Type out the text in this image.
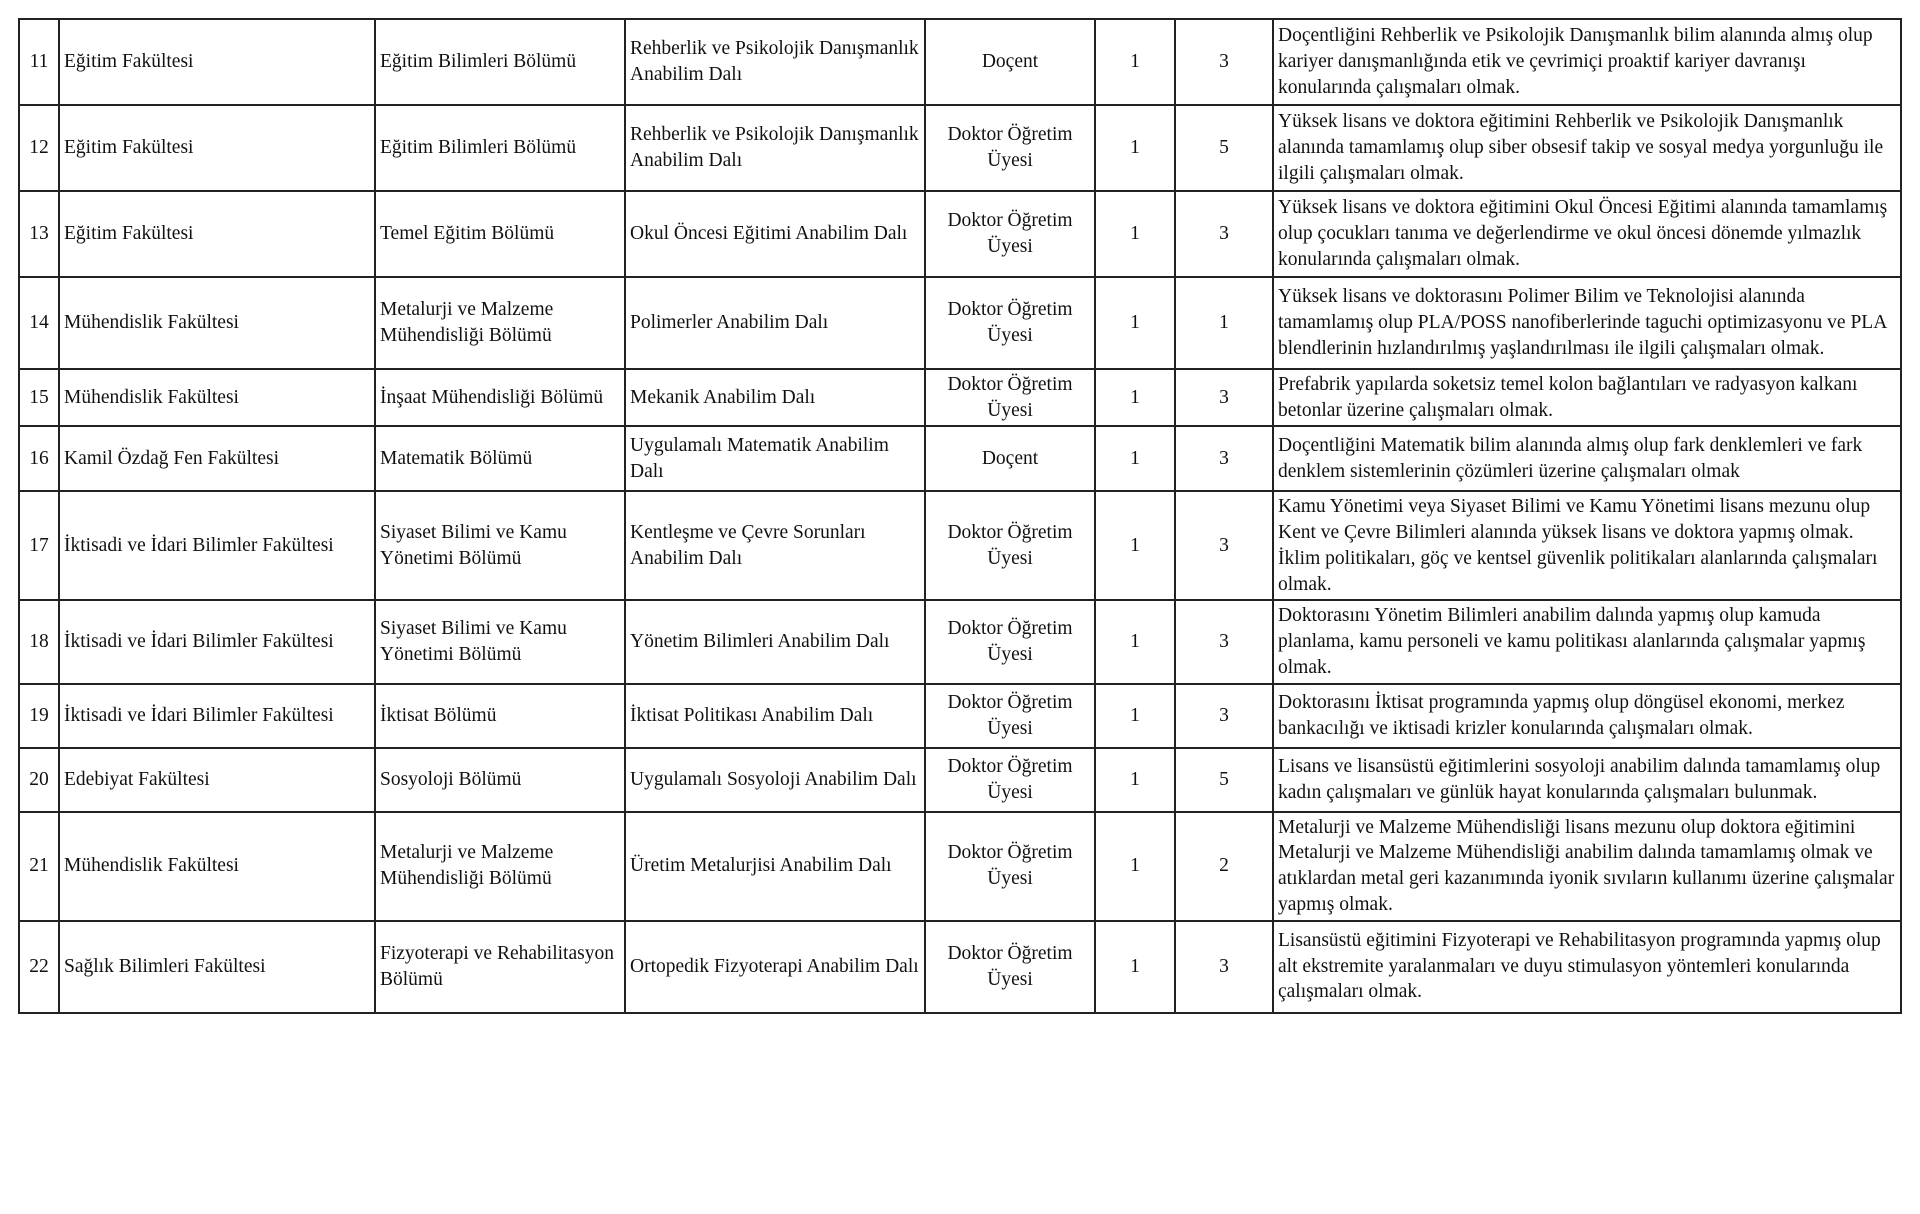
11	Eğitim Fakültesi	Eğitim Bilimleri Bölümü	Rehberlik ve Psikolojik Danışmanlık Anabilim Dalı	Doçent	1	3	Doçentliğini Rehberlik ve Psikolojik Danışmanlık bilim alanında almış olup kariyer danışmanlığında etik ve çevrimiçi proaktif kariyer davranışı konularında çalışmaları olmak.
12	Eğitim Fakültesi	Eğitim Bilimleri Bölümü	Rehberlik ve Psikolojik Danışmanlık Anabilim Dalı	Doktor Öğretim Üyesi	1	5	Yüksek lisans ve doktora eğitimini Rehberlik ve Psikolojik Danışmanlık alanında tamamlamış olup siber obsesif takip ve sosyal medya yorgunluğu ile ilgili çalışmaları olmak.
13	Eğitim Fakültesi	Temel Eğitim Bölümü	Okul Öncesi Eğitimi Anabilim Dalı	Doktor Öğretim Üyesi	1	3	Yüksek lisans ve doktora eğitimini Okul Öncesi Eğitimi alanında tamamlamış olup çocukları tanıma ve değerlendirme ve okul öncesi dönemde yılmazlık konularında çalışmaları olmak.
14	Mühendislik Fakültesi	Metalurji ve Malzeme Mühendisliği Bölümü	Polimerler Anabilim Dalı	Doktor Öğretim Üyesi	1	1	Yüksek lisans ve doktorasını Polimer Bilim ve Teknolojisi alanında tamamlamış olup PLA/POSS nanofiberlerinde taguchi optimizasyonu ve PLA blendlerinin hızlandırılmış yaşlandırılması ile ilgili çalışmaları olmak.
15	Mühendislik Fakültesi	İnşaat Mühendisliği Bölümü	Mekanik Anabilim Dalı	Doktor Öğretim Üyesi	1	3	Prefabrik yapılarda soketsiz temel kolon bağlantıları ve radyasyon kalkanı betonlar üzerine çalışmaları olmak.
16	Kamil Özdağ Fen Fakültesi	Matematik Bölümü	Uygulamalı Matematik Anabilim Dalı	Doçent	1	3	Doçentliğini Matematik bilim alanında almış olup fark denklemleri ve fark denklem sistemlerinin çözümleri üzerine çalışmaları olmak
17	İktisadi ve İdari Bilimler Fakültesi	Siyaset Bilimi ve Kamu Yönetimi Bölümü	Kentleşme ve Çevre Sorunları Anabilim Dalı	Doktor Öğretim Üyesi	1	3	Kamu Yönetimi veya Siyaset Bilimi ve Kamu Yönetimi lisans mezunu olup Kent ve Çevre Bilimleri alanında yüksek lisans ve doktora yapmış olmak. İklim politikaları, göç ve kentsel güvenlik politikaları alanlarında çalışmaları olmak.
18	İktisadi ve İdari Bilimler Fakültesi	Siyaset Bilimi ve Kamu Yönetimi Bölümü	Yönetim Bilimleri Anabilim Dalı	Doktor Öğretim Üyesi	1	3	Doktorasını Yönetim Bilimleri anabilim dalında yapmış olup kamuda planlama, kamu personeli ve kamu politikası alanlarında çalışmalar yapmış olmak.
19	İktisadi ve İdari Bilimler Fakültesi	İktisat Bölümü	İktisat Politikası Anabilim Dalı	Doktor Öğretim Üyesi	1	3	Doktorasını İktisat programında yapmış olup döngüsel ekonomi, merkez bankacılığı ve iktisadi krizler konularında çalışmaları olmak.
20	Edebiyat Fakültesi	Sosyoloji Bölümü	Uygulamalı Sosyoloji Anabilim Dalı	Doktor Öğretim Üyesi	1	5	Lisans ve lisansüstü eğitimlerini sosyoloji anabilim dalında tamamlamış olup kadın çalışmaları ve günlük hayat konularında çalışmaları bulunmak.
21	Mühendislik Fakültesi	Metalurji ve Malzeme Mühendisliği Bölümü	Üretim Metalurjisi Anabilim Dalı	Doktor Öğretim Üyesi	1	2	Metalurji ve Malzeme Mühendisliği lisans mezunu olup doktora eğitimini Metalurji ve Malzeme Mühendisliği anabilim dalında tamamlamış olmak ve atıklardan metal geri kazanımında iyonik sıvıların kullanımı üzerine çalışmalar yapmış olmak.
22	Sağlık Bilimleri Fakültesi	Fizyoterapi ve Rehabilitasyon Bölümü	Ortopedik Fizyoterapi Anabilim Dalı	Doktor Öğretim Üyesi	1	3	Lisansüstü eğitimini Fizyoterapi ve Rehabilitasyon programında yapmış olup alt ekstremite yaralanmaları ve duyu stimulasyon yöntemleri konularında çalışmaları olmak.
